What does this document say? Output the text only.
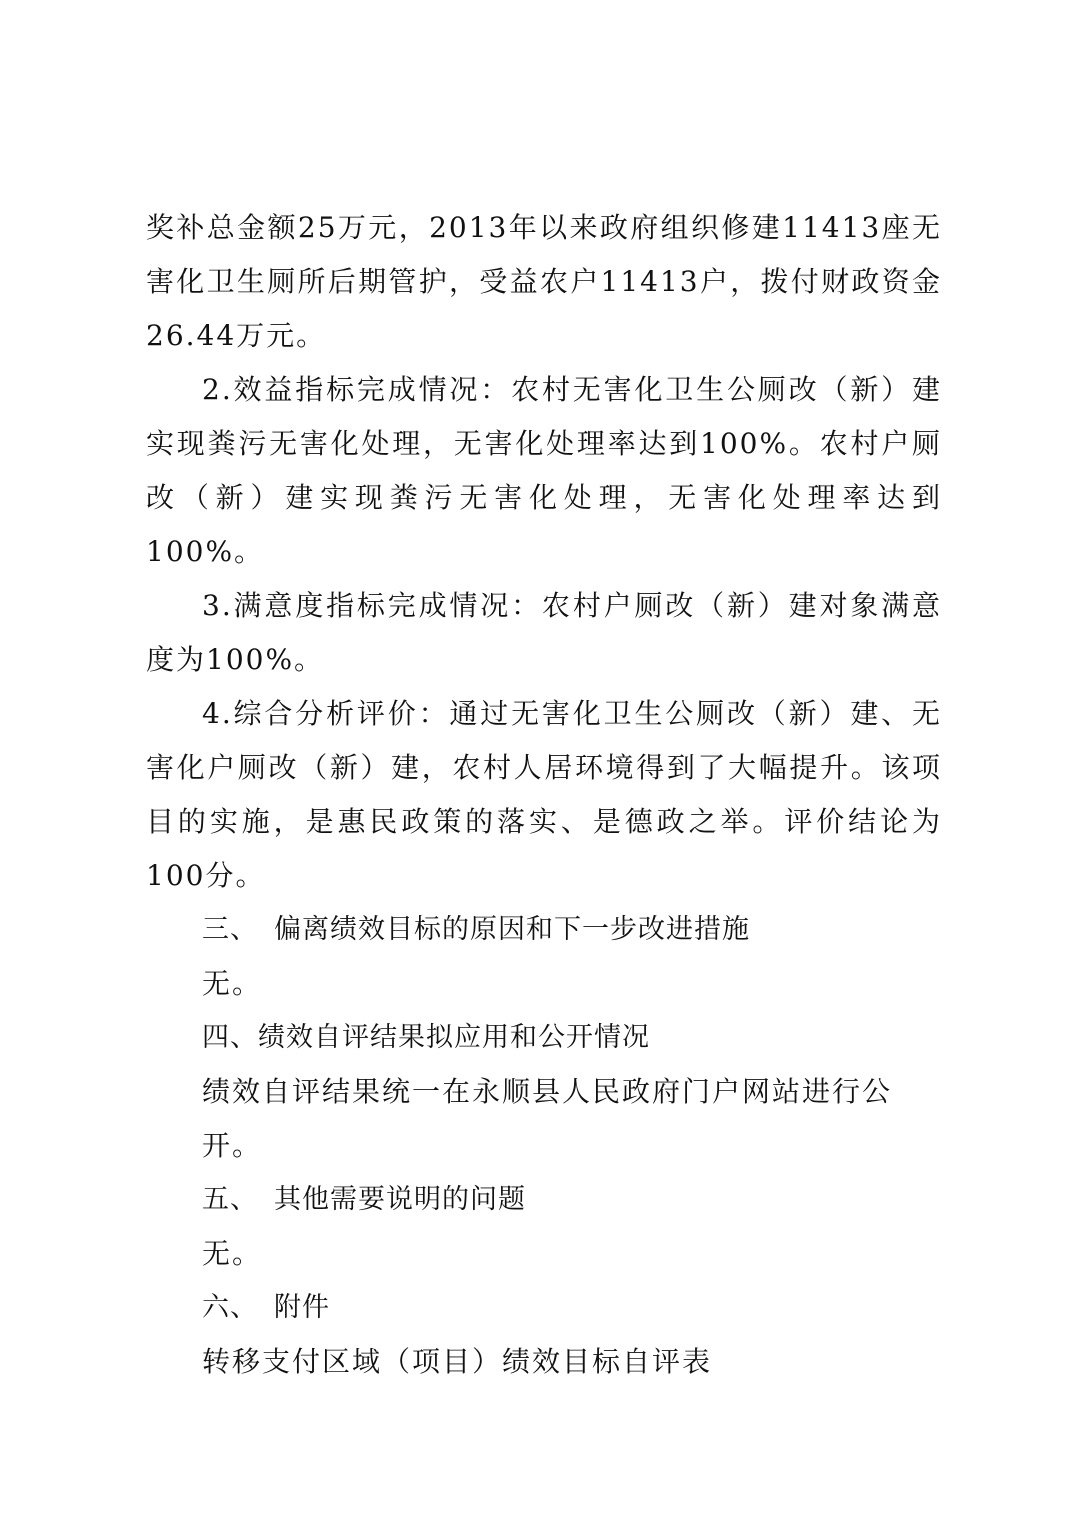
奖补总金额25万元，2013年以来政府组织修建11413座无害化卫生厕所后期管护，受益农户11413户，拨付财政资金26.44万元。

2.效益指标完成情况：农村无害化卫生公厕改（新）建实现粪污无害化处理，无害化处理率达到100%。农村户厕改（新）建实现粪污无害化处理，无害化处理率达到100%。

3.满意度指标完成情况：农村户厕改（新）建对象满意度为100%。

4.综合分析评价：通过无害化卫生公厕改（新）建、无害化户厕改（新）建，农村人居环境得到了大幅提升。该项目的实施，是惠民政策的落实、是德政之举。评价结论为100分。

三、 偏离绩效目标的原因和下一步改进措施

无。

四、绩效自评结果拟应用和公开情况

绩效自评结果统一在永顺县人民政府门户网站进行公开。

五、 其他需要说明的问题

无。

六、 附件

转移支付区域（项目）绩效目标自评表
